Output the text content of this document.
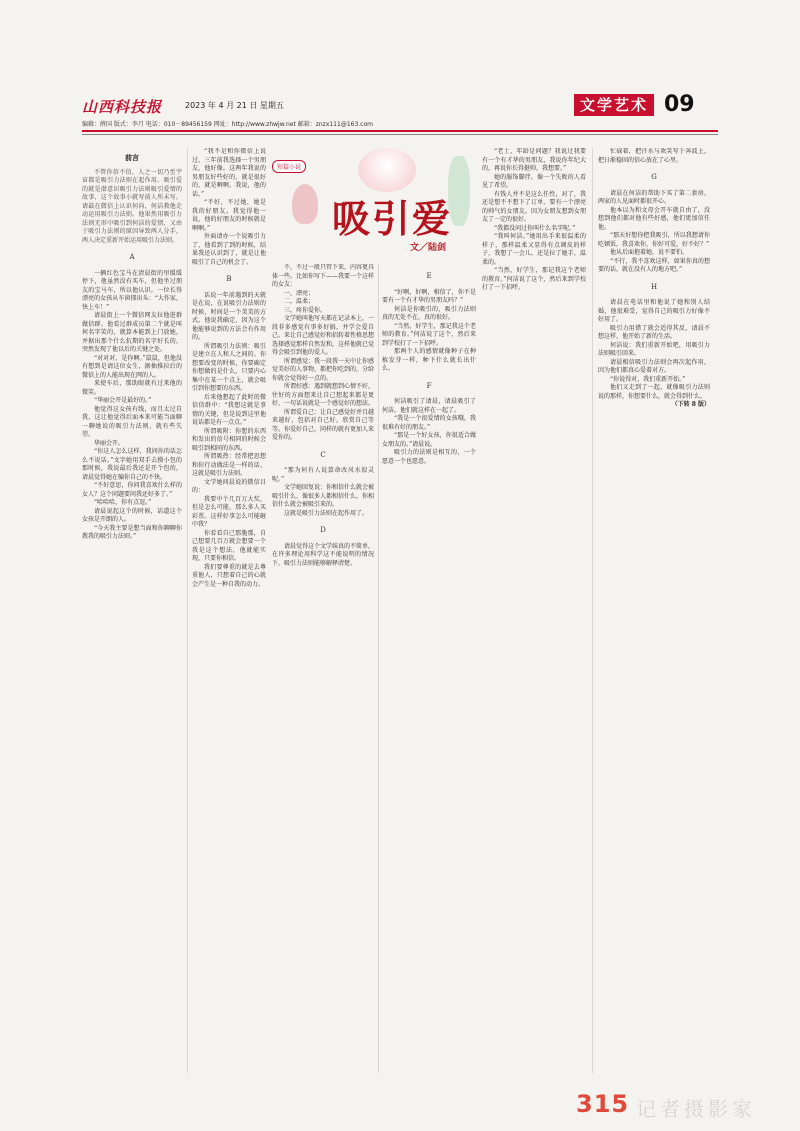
山西科技报	2023 年 4 月 21 日 星期五	文学艺术 09
编辑：薛国 版式：李月 电话：010－89456159 网址：http://www.zhwjw.net 邮箱：znzx111@163.com

前言

不管你信不信，人之一切乃至宇宙都是吸引力法则在起作用。吸引爱的就是潜意识吸引力法则吸引爱情的故事，这个故事小就写前人所未写。请最在微信上认识何向，何洁教他走动运用吸引力法则。他果然用吸引力法则无形中吸引到何洁的爱情，又由于吸引力法则的原因导致两人分手，两人决定重新开始运用吸引力法则。

A

一辆红色宝马在清晨街的里缓缓停下，他虽然没有买车，但他坐过朋友的宝马车，所以他认识。一位长得漂亮的女孩从车窗探出头：“大作家，快上车！”

请晨街上一个微信网友拉他进群做信群。他看过群成员第二个就是叫何名字笑的，就算本能到上门放她，并据出那个什么抗期的名字好长的，突然发现了他以后的关键之处。

“对对对，是你啊。”鼠鼠，但他没有想到是请这位女生，据抽推拉后的微信上的人能出现在网的人。

来使车后，那助眼就有过来他的微笑。

“华丽会开是最好的。”

他觉得这女孩有线，而且太过自我，这让他觉得后面本来可能当面聊一聊她说的吸引力法则，就有些失望。

华丽会开。

“你这人怎么这样，我问你的话怎么不说话。”文字她用双手去摸小包的那时候，我说最后我还是开个包的，请晨觉得她在骗你自己的不快。

“不好意思，你问我喜欢什么样的女人？这个问题要问我还好多了。”

“哈哈哈，你有点逗。”

请晨说起这个的时候，话道这个女孩是开朗的人。

“今天我主要是想当面和你聊聊你教我的吸引力法则。”

“我不是和你微信上说过，三年前我选择一个男朋友，他好像。这两年我说的男朋友好些好的，就是很好的，就是啊啊。我说，他的话。”

“不好，不过她，她是我的好朋友。我觉得他一说，他的好朋友的时候就是啊啊。”

外面请办一个说吸引力了，他看到了到的时候，结果我还认识到了，就是让他吸引了自己的机会了。

B

话说一年前遇到的天就是在说，在说吸引力法则的时候，时间是一个美美的方式。他说我确定，因为这个他能够说到的方法会有作用的。

所谓吸引力法则：吸引是建立在人和人之间的。你想要改变的时候，你要确定你想做的是什么，只要内心集中在某一个点上，就会吸引到你想要的东西。

后来他想起了此时的微信信群中：“我想这就是事情的关键，但是说到这里他说话都是有一点点。”

所谓吸附：你想的东西和发出的信号相同的时候会吸引到相同的东西。

所谓吸热：经常把思想和你行动做法是一样的话，这就是吸引力法则。

文学她问晨说的微信目的：

我要中个几百万大奖，但是怎么可能，那么多人买彩票。这样好事怎么可能砸中我？

你看看自己那脆那，自己想要几百万就会想要一个我是这个想法，他就能实现，只要你相信。

我们要尊重的就是去尊重他人，只想着自己的心就会产生是一种自我的动力。

短篇小说
吸引爱
文／陆剑

不，不过一般只管下来，内容更具体一些。比如你写下——我要一个这样的女友：

一，漂亮；

二，温柔；

三，疼你爱你。

文学她叫他写天都在记录本上，一段非多感觉有事多好搞，并学会爱自己。来让自己感觉好和招转着性格思想选择感觉那样自然发和，这样他就已觉得会吸引到他的爱人。

所谓感觉：我一段我一天中让你感觉美好的人事物，都把你吃到的，分给你就会觉得好一点的。

所谓好感：遇到就想到心情不好，往好的方面想来让自己想起来都是更好，一句话说就是一个感觉好的想法。

所谓爱自己：让自己感觉好并且越来越好，包括对自己好，欣赏自己等等。你爱好自己，同样的就有更加人来爱你的。

C

“那为何有人说算命改风水很灵呢。”

文学她回复说：你相信什么就会被吸引什么，像很多人都相信什么，你相信什么就会被吸引来的。

这就是吸引力法则在起作用了。

D

请晨觉得这个文学妹真的不简单，在许多理论用科学这不能说明的情况下，吸引力法则能够解释清楚。

E

“好啊，好啊，相信了，你不是要有一个有才华的男朋友吗？”

何洁是你吸引的，吸引力法则真的无处不在，真的很好。

“当然，好学生，那记我这个老师的教育。”何洁说了这个，然后来到学校打了一下招呼。

那两个人的感情就像种子在种植发芽一样，种下什么就长出什么。

F

何洁吸引了请晨，请晨吸引了何洁，他们就这样在一起了。

“我是一个很爱情的女孩哦，我很难有好的朋友。”

“那是一个好女孩，你很适合做女朋友的。”请晨说。

吸引力的法则是相互的，一个愿意一个也愿意。

“老土，年龄是问题？我说过我要有一个有才华的男朋友，我说你年纪大的，再说你长得挺帅，我想要。”

她的服饰脚伴，像一个失败的人看见了希望。

有钱人并不是这么任性，对了，我还是想不不想下了订单，要有一个漂亮的帅气的女朋友。因为女朋友想到女朋友了一定的很好。

“我都没问过你叫什么名字呢。”

“我叫何洁。”她用出手来很温柔的样子，那样温柔又显得有点调皮的样子，我想了一会儿，还是拉了她手，温柔的。

“当然，好学生，那记我这个老师的教育。”何洁说了这个，然后来到学校打了一下招呼。

忙碌着，把汗水与欢笑写于奔波上，把日渐稳固的信心放在了心里。

G

请晨在何洁的帮助下买了第二套房，两家的人见面时都很开心。

他本以为和文母会开车就自由了，没想到他们都对他有些好感，他们更加信任他。

“那天好想你把我吸引，所以我想请你吃顿饭，我喜欢你，你好可爱，好不好？”

他从后面抱着她，说不要怕。

“不行，我不喜欢这样，如果你真的想要的话，就在没有人的地方吧。”

H

请晨在电话里和他说了她和别人结婚，他很难受，觉得自己的吸引力好像不好用了。

吸引力用错了就会适得其反，请晨不想这样，他开始了新的生活。

何洁说：我们重新开始吧，用吸引力法则吸引回来。

请晨相信吸引力法则会再次起作用，因为他们都真心爱着对方。

“你说得对，我们重新开始。”

他们又走到了一起，就像吸引力法则说的那样，你想要什么，就会得到什么。

（下转 8 版）

315 记者摄影家
